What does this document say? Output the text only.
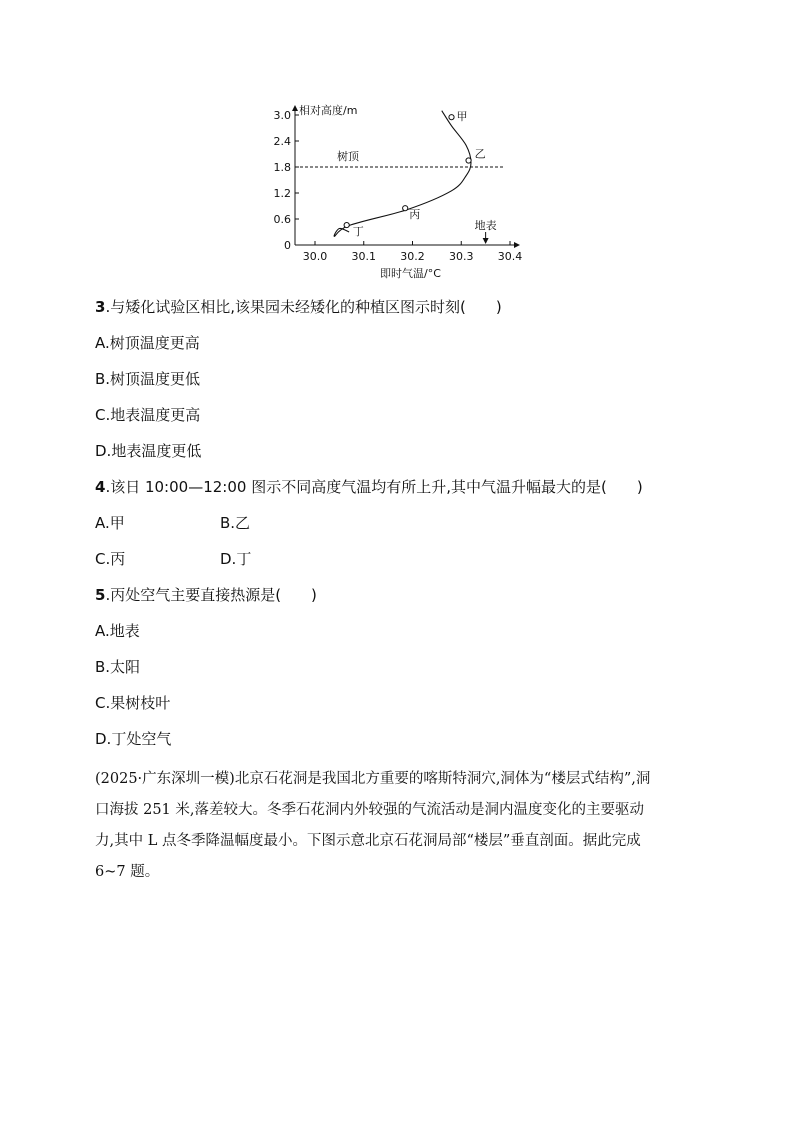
0
0.6
1.2
1.8
2.4
3.0
30.0 30.1 30.2 30.3 30.4
树顶
甲
乙
丙
丁	地表
相对高度/m
即时气温/°C
3.与矮化试验区相比,该果园未经矮化的种植区图示时刻(　　)
A.树顶温度更高
B.树顶温度更低
C.地表温度更高
D.地表温度更低
4.该日 10:00—12:00 图示不同高度气温均有所上升,其中气温升幅最大的是(　　)
A.甲	B.乙
C.丙	D.丁
5.丙处空气主要直接热源是(　　)
A.地表
B.太阳
C.果树枝叶
D.丁处空气
(2025·广东深圳一模)北京石花洞是我国北方重要的喀斯特洞穴,洞体为“楼层式结构”,洞
口海拔 251 米,落差较大。冬季石花洞内外较强的气流活动是洞内温度变化的主要驱动
力,其中 L 点冬季降温幅度最小。下图示意北京石花洞局部“楼层”垂直剖面。据此完成
6~7 题。
